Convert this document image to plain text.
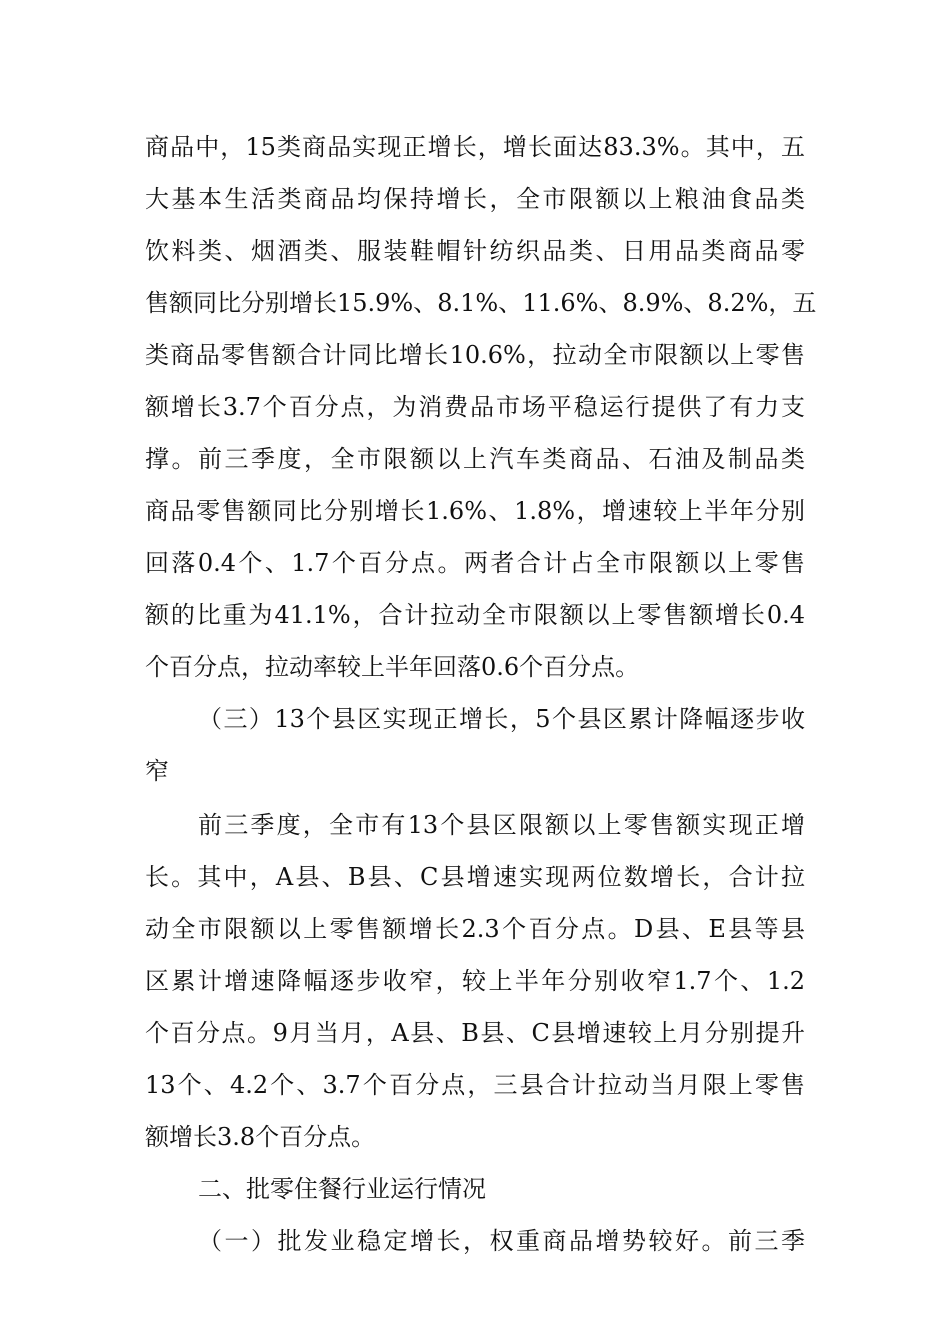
商品中，15类商品实现正增长，增长面达83.3%。其中，五
大基本生活类商品均保持增长，全市限额以上粮油食品类
饮料类、烟酒类、服装鞋帽针纺织品类、日用品类商品零
售额同比分别增长15.9%、8.1%、11.6%、8.9%、8.2%，五
类商品零售额合计同比增长10.6%，拉动全市限额以上零售
额增长3.7个百分点，为消费品市场平稳运行提供了有力支
撑。前三季度，全市限额以上汽车类商品、石油及制品类
商品零售额同比分别增长1.6%、1.8%，增速较上半年分别
回落0.4个、1.7个百分点。两者合计占全市限额以上零售
额的比重为41.1%，合计拉动全市限额以上零售额增长0.4
个百分点，拉动率较上半年回落0.6个百分点。
（三）13个县区实现正增长，5个县区累计降幅逐步收
窄
前三季度，全市有13个县区限额以上零售额实现正增
长。其中，A县、B县、C县增速实现两位数增长，合计拉
动全市限额以上零售额增长2.3个百分点。D县、E县等县
区累计增速降幅逐步收窄，较上半年分别收窄1.7个、1.2
个百分点。9月当月，A县、B县、C县增速较上月分别提升
13个、4.2个、3.7个百分点，三县合计拉动当月限上零售
额增长3.8个百分点。
二、批零住餐行业运行情况
（一）批发业稳定增长，权重商品增势较好。前三季
